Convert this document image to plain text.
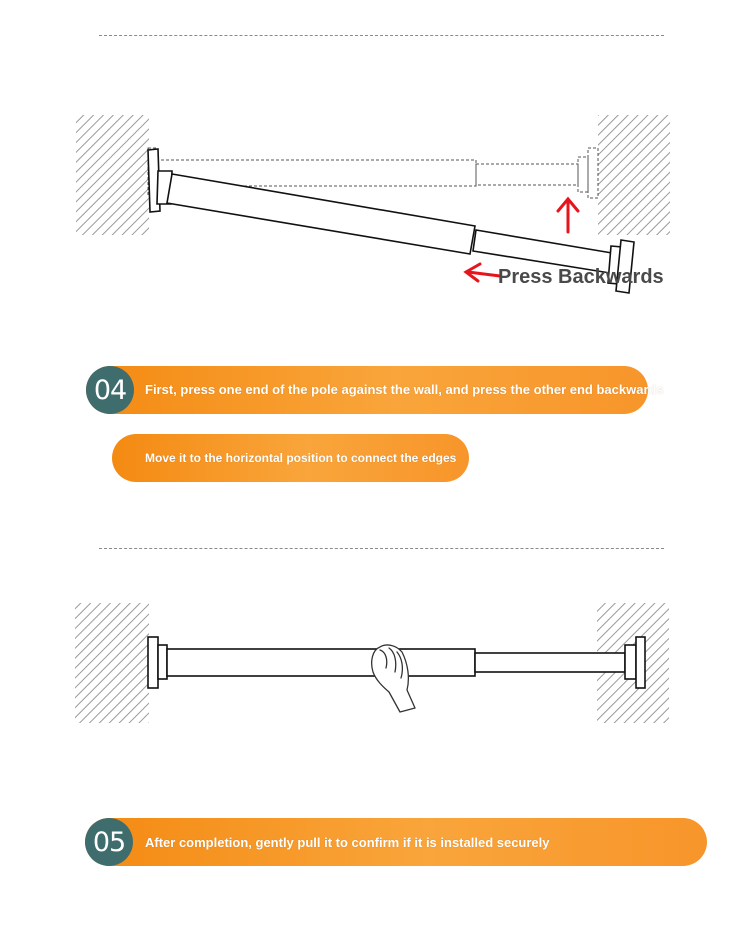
Press Backwards
04	First, press one end of the pole against the wall, and press the other end backwards
Move it to the horizontal position to connect the edges
05	After completion, gently pull it to confirm if it is installed securely
